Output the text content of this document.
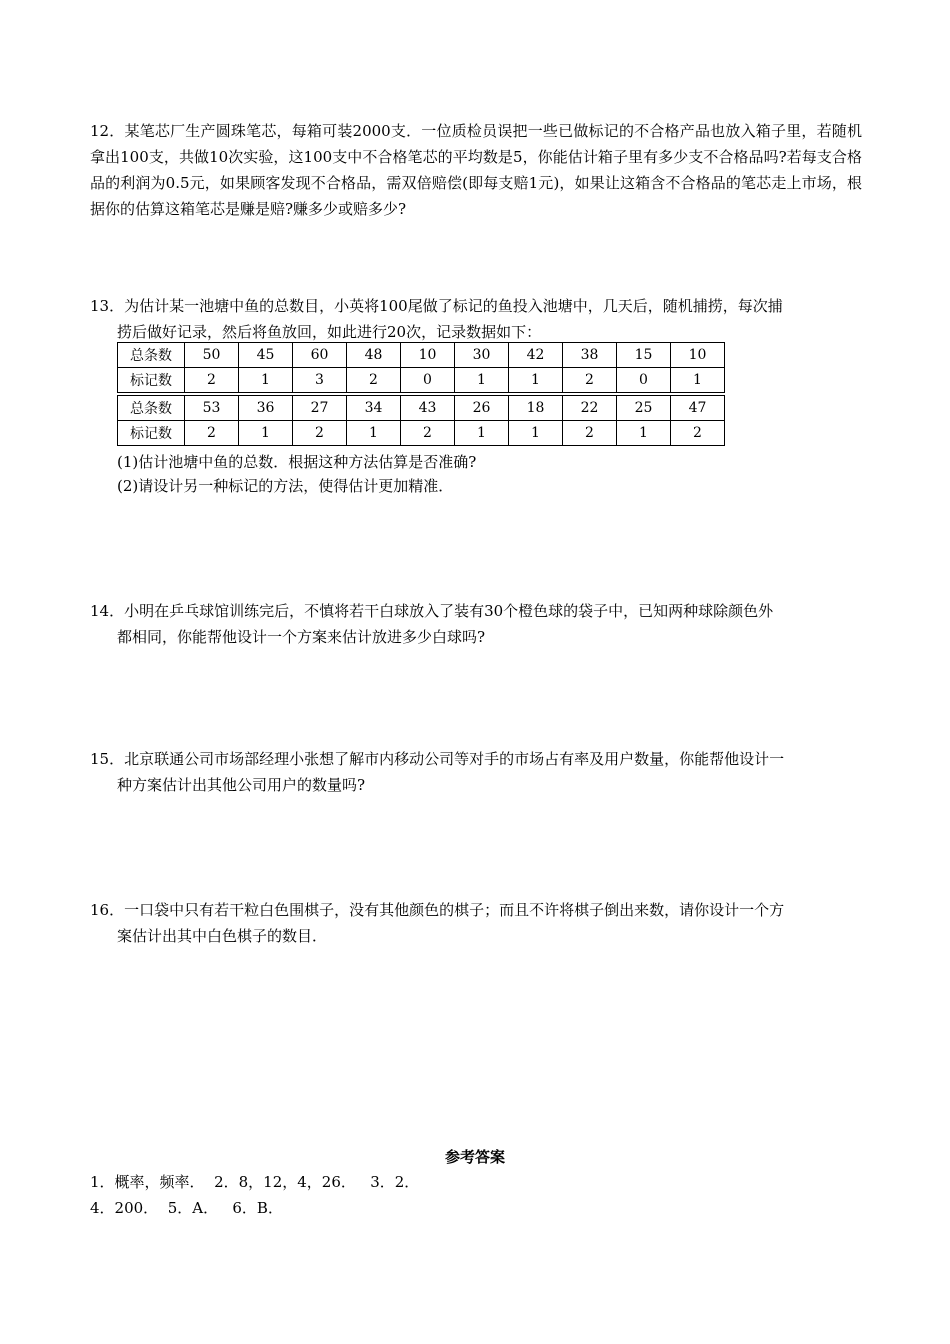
12．某笔芯厂生产圆珠笔芯，每箱可装2000支．一位质检员误把一些已做标记的不合格产品也放入箱子里，若随机拿出100支，共做10次实验，这100支中不合格笔芯的平均数是5，你能估计箱子里有多少支不合格品吗?若每支合格品的利润为0.5元，如果顾客发现不合格品，需双倍赔偿(即每支赔1元)，如果让这箱含不合格品的笔芯走上市场，根据你的估算这箱笔芯是赚是赔?赚多少或赔多少?
13．为估计某一池塘中鱼的总数目，小英将100尾做了标记的鱼投入池塘中，几天后，随机捕捞，每次捕
捞后做好记录，然后将鱼放回，如此进行20次，记录数据如下：
总条数	50	45	60	48	10	30	42	38	15	10
标记数	2	1	3	2	0	1	1	2	0	1
总条数	53	36	27	34	43	26	18	22	25	47
标记数	2	1	2	1	2	1	1	2	1	2
(1)估计池塘中鱼的总数．根据这种方法估算是否准确?
(2)请设计另一种标记的方法，使得估计更加精准．
14．小明在乒乓球馆训练完后，不慎将若干白球放入了装有30个橙色球的袋子中，已知两种球除颜色外
都相同，你能帮他设计一个方案来估计放进多少白球吗?
15．北京联通公司市场部经理小张想了解市内移动公司等对手的市场占有率及用户数量，你能帮他设计一
种方案估计出其他公司用户的数量吗?
16．一口袋中只有若干粒白色围棋子，没有其他颜色的棋子；而且不许将棋子倒出来数，请你设计一个方
案估计出其中白色棋子的数目．
参考答案
1．概率，频率．  2．8，12，4，26．   3．2．
4．200．  5．A．   6．B．
